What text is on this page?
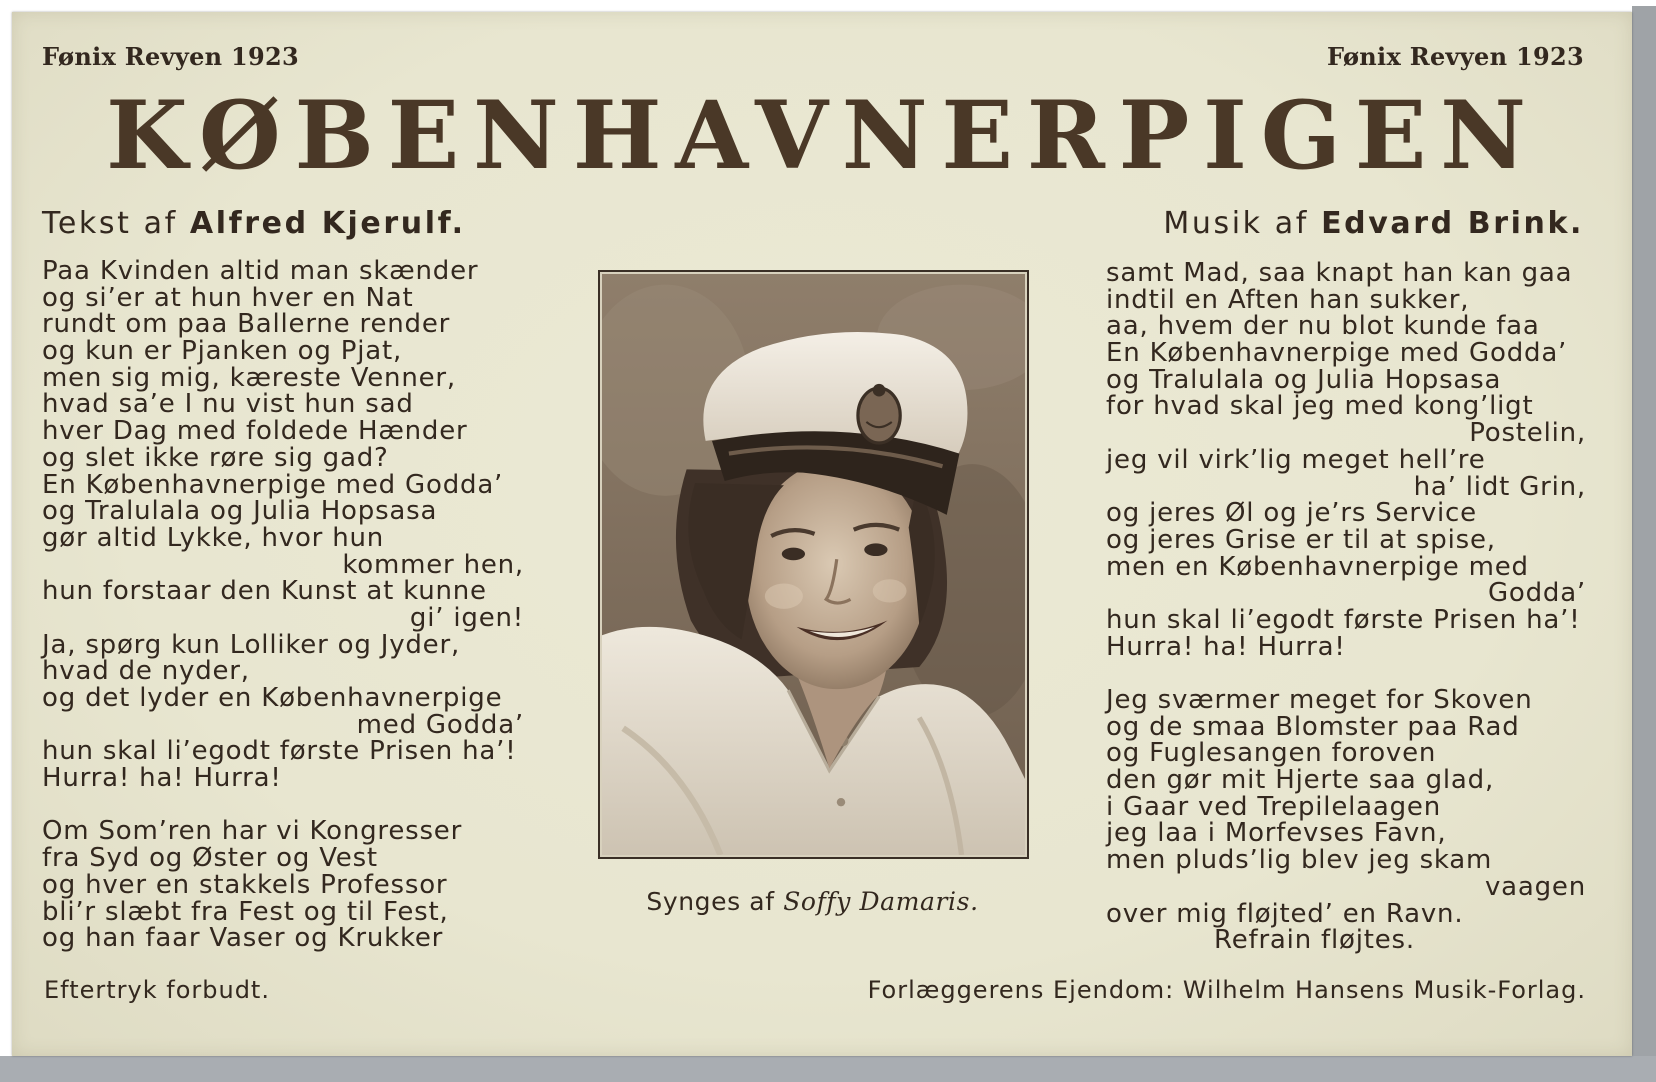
Fønix Revyen 1923	Fønix Revyen 1923
KØBENHAVNERPIGEN
Tekst af Alfred Kjerulf.	Musik af Edvard Brink.
Paa Kvinden altid man skænder
og si’er at hun hver en Nat
rundt om paa Ballerne render
og kun er Pjanken og Pjat,
men sig mig, kæreste Venner,
hvad sa’e I nu vist hun sad
hver Dag med foldede Hænder
og slet ikke røre sig gad?
En Københavnerpige med Godda’
og Tralulala og Julia Hopsasa
gør altid Lykke, hvor hun
kommer hen,
hun forstaar den Kunst at kunne
gi’ igen!
Ja, spørg kun Lolliker og Jyder,
hvad de nyder,
og det lyder en Københavnerpige
med Godda’
hun skal li’egodt første Prisen ha’!
Hurra! ha! Hurra!
Om Som’ren har vi Kongresser
fra Syd og Øster og Vest
og hver en stakkels Professor
bli’r slæbt fra Fest og til Fest,
og han faar Vaser og Krukker
Synges af Soffy Damaris.
samt Mad, saa knapt han kan gaa
indtil en Aften han sukker,
aa, hvem der nu blot kunde faa
En Københavnerpige med Godda’
og Tralulala og Julia Hopsasa
for hvad skal jeg med kong’ligt
Postelin,
jeg vil virk’lig meget hell’re
ha’ lidt Grin,
og jeres Øl og je’rs Service
og jeres Grise er til at spise,
men en Københavnerpige med
Godda’
hun skal li’egodt første Prisen ha’!
Hurra! ha! Hurra!
Jeg sværmer meget for Skoven
og de smaa Blomster paa Rad
og Fuglesangen foroven
den gør mit Hjerte saa glad,
i Gaar ved Trepilelaagen
jeg laa i Morfevses Favn,
men pluds’lig blev jeg skam
vaagen
over mig fløjted’ en Ravn.
Refrain fløjtes.
Eftertryk forbudt.	Forlæggerens Ejendom: Wilhelm Hansens Musik-Forlag.
